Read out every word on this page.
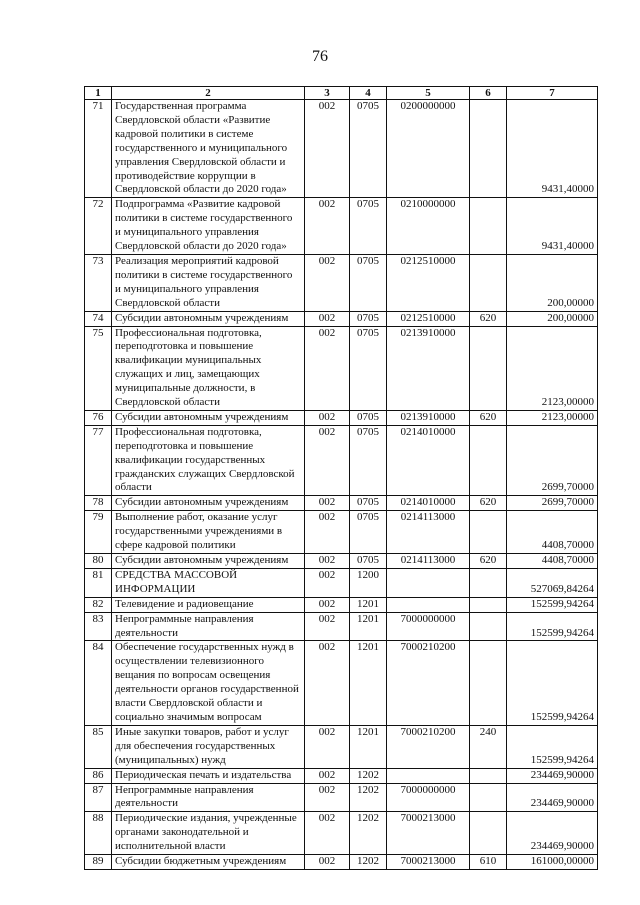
76
1	2	3	4	5	6	7
71	Государственная программа Свердловской области «Развитие кадровой политики в системе государственного и муниципального управления Свердловской области и противодействие коррупции в Свердловской области до 2020 года»	002	0705	0200000000		9431,40000
72	Подпрограмма «Развитие кадровой политики в системе государственного и муниципального управления Свердловской области до 2020 года»	002	0705	0210000000		9431,40000
73	Реализация мероприятий кадровой политики в системе государственного и муниципального управления Свердловской области	002	0705	0212510000		200,00000
74	Субсидии автономным учреждениям	002	0705	0212510000	620	200,00000
75	Профессиональная подготовка, переподготовка и повышение квалификации муниципальных служащих и лиц, замещающих муниципальные должности, в Свердловской области	002	0705	0213910000		2123,00000
76	Субсидии автономным учреждениям	002	0705	0213910000	620	2123,00000
77	Профессиональная подготовка, переподготовка и повышение квалификации государственных гражданских служащих Свердловской области	002	0705	0214010000		2699,70000
78	Субсидии автономным учреждениям	002	0705	0214010000	620	2699,70000
79	Выполнение работ, оказание услуг государственными учреждениями в сфере кадровой политики	002	0705	0214113000		4408,70000
80	Субсидии автономным учреждениям	002	0705	0214113000	620	4408,70000
81	СРЕДСТВА МАССОВОЙ ИНФОРМАЦИИ	002	1200			527069,84264
82	Телевидение и радиовещание	002	1201			152599,94264
83	Непрограммные направления деятельности	002	1201	7000000000		152599,94264
84	Обеспечение государственных нужд в осуществлении телевизионного вещания по вопросам освещения деятельности органов государственной власти Свердловской области и социально значимым вопросам	002	1201	7000210200		152599,94264
85	Иные закупки товаров, работ и услуг для обеспечения государственных (муниципальных) нужд	002	1201	7000210200	240	152599,94264
86	Периодическая печать и издательства	002	1202			234469,90000
87	Непрограммные направления деятельности	002	1202	7000000000		234469,90000
88	Периодические издания, учрежденные органами законодательной и исполнительной власти	002	1202	7000213000		234469,90000
89	Субсидии бюджетным учреждениям	002	1202	7000213000	610	161000,00000
